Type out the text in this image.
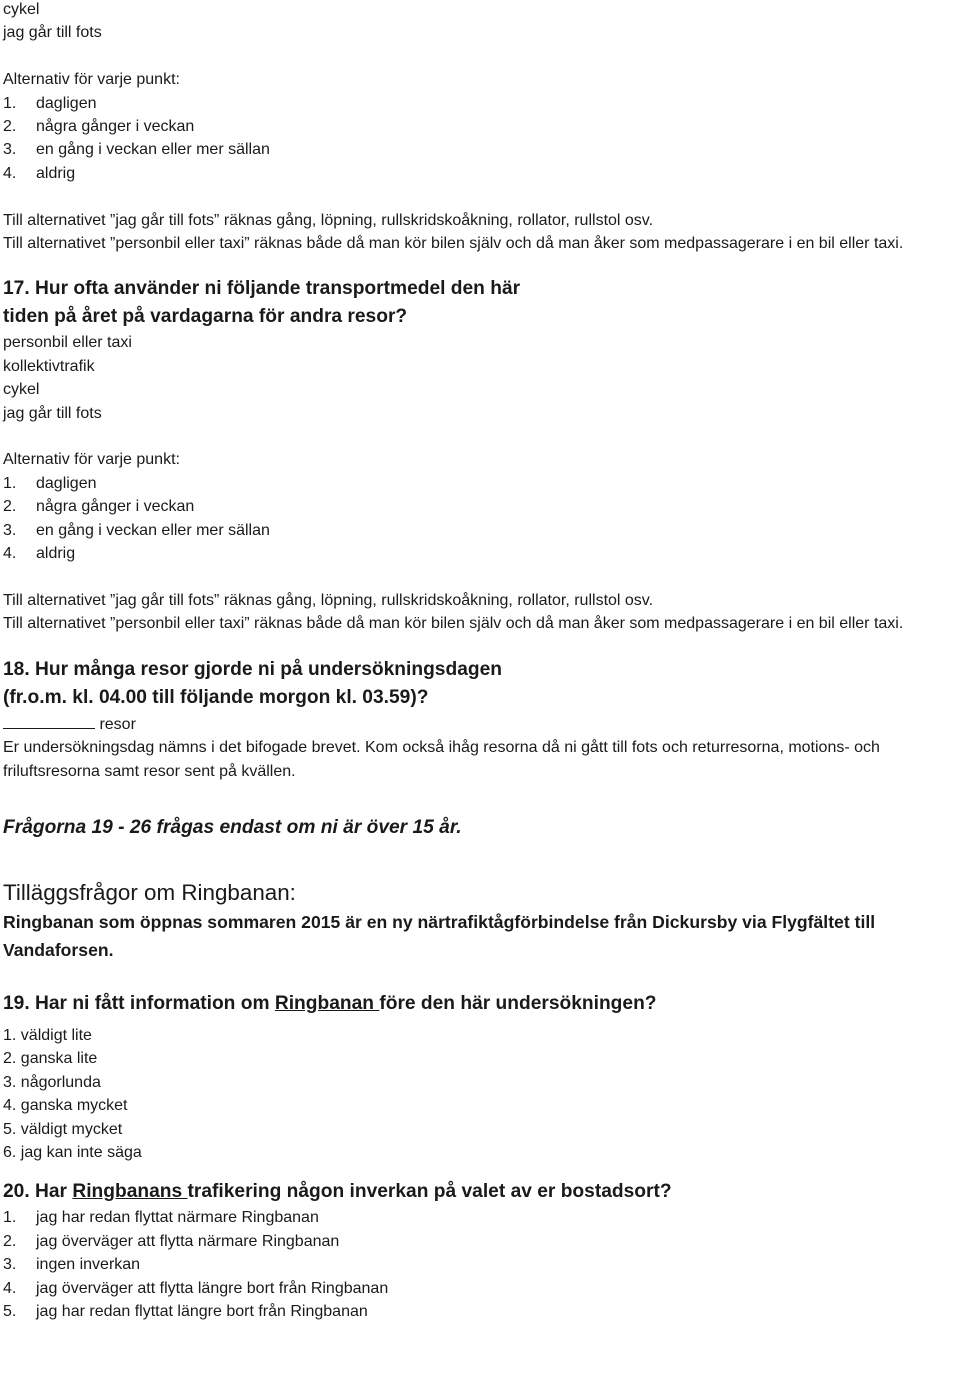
cykel
jag går till fots
Alternativ för varje punkt:
1. dagligen
2. några gånger i veckan
3. en gång i veckan eller mer sällan
4. aldrig
Till alternativet ”jag går till fots” räknas gång, löpning, rullskridskoåkning, rollator, rullstol osv.
Till alternativet ”personbil eller taxi” räknas både då man kör bilen själv och då man åker som medpassagerare i en bil eller taxi.
17. Hur ofta använder ni följande transportmedel den här
tiden på året på vardagarna för andra resor?
personbil eller taxi
kollektivtrafik
cykel
jag går till fots
Alternativ för varje punkt:
1. dagligen
2. några gånger i veckan
3. en gång i veckan eller mer sällan
4. aldrig
Till alternativet ”jag går till fots” räknas gång, löpning, rullskridskoåkning, rollator, rullstol osv.
Till alternativet ”personbil eller taxi” räknas både då man kör bilen själv och då man åker som medpassagerare i en bil eller taxi.
18. Hur många resor gjorde ni på undersökningsdagen
(fr.o.m. kl. 04.00 till följande morgon kl. 03.59)?
resor
Er undersökningsdag nämns i det bifogade brevet. Kom också ihåg resorna då ni gått till fots och returresorna, motions- och friluftsresorna samt resor sent på kvällen.
Frågorna 19 - 26 frågas endast om ni är över 15 år.
Tilläggsfrågor om Ringbanan:
Ringbanan som öppnas sommaren 2015 är en ny närtrafiktågförbindelse från Dickursby via Flygfältet till Vandaforsen.
19. Har ni fått information om Ringbanan före den här undersökningen?
1. väldigt lite
2. ganska lite
3. någorlunda
4. ganska mycket
5. väldigt mycket
6. jag kan inte säga
20. Har Ringbanans trafikering någon inverkan på valet av er bostadsort?
1. jag har redan flyttat närmare Ringbanan
2. jag överväger att flytta närmare Ringbanan
3. ingen inverkan
4. jag överväger att flytta längre bort från Ringbanan
5. jag har redan flyttat längre bort från Ringbanan
